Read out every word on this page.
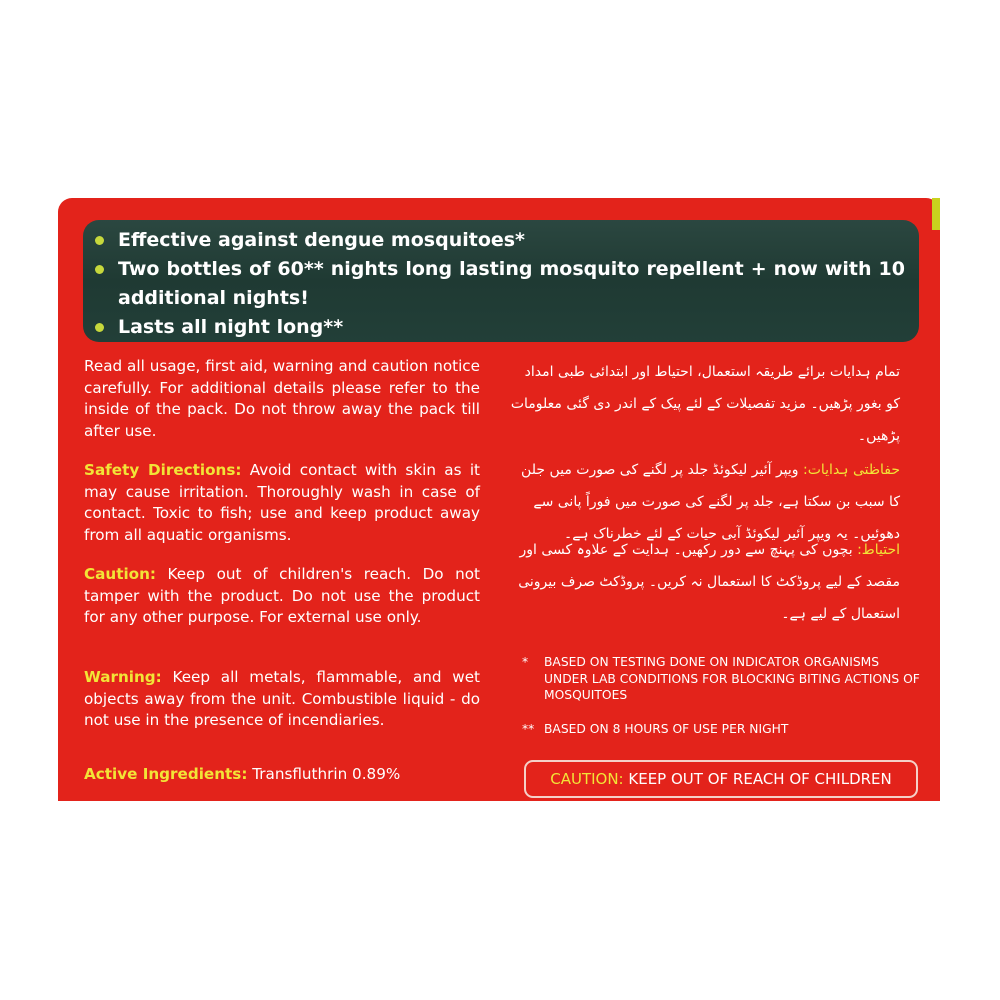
Effective against dengue mosquitoes*
Two bottles of 60** nights long lasting mosquito repellent + now with 10 additional nights!
Lasts all night long**

Read all usage, first aid, warning and caution notice carefully. For additional details please refer to the inside of the pack. Do not throw away the pack till after use.

Safety Directions: Avoid contact with skin as it may cause irritation. Thoroughly wash in case of contact. Toxic to fish; use and keep product away from all aquatic organisms.

Caution: Keep out of children's reach. Do not tamper with the product. Do not use the product for any other purpose. For external use only.

Warning: Keep all metals, flammable, and wet objects away from the unit. Combustible liquid - do not use in the presence of incendiaries.

Active Ingredients: Transfluthrin 0.89%

تمام ہدایات برائے طریقہ استعمال، احتیاط اور ابتدائی طبی امداد کو بغور پڑھیں۔ مزید تفصیلات کے لئے پیک کے اندر دی گئی معلومات پڑھیں۔

حفاظتی ہدایات: ویپر آئیر لیکوئڈ جلد پر لگنے کی صورت میں جلن کا سبب بن سکتا ہے، جلد پر لگنے کی صورت میں فوراً پانی سے دھوئیں۔ یہ ویپر آئیر لیکوئڈ آبی حیات کے لئے خطرناک ہے۔

احتیاط: بچوں کی پہنچ سے دور رکھیں۔ ہدایت کے علاوہ کسی اور مقصد کے لیے پروڈکٹ کا استعمال نہ کریں۔ پروڈکٹ صرف بیرونی استعمال کے لیے ہے۔

*	BASED ON TESTING DONE ON INDICATOR ORGANISMS UNDER LAB CONDITIONS FOR BLOCKING BITING ACTIONS OF MOSQUITOES
** BASED ON 8 HOURS OF USE PER NIGHT
CAUTION: KEEP OUT OF REACH OF CHILDREN
